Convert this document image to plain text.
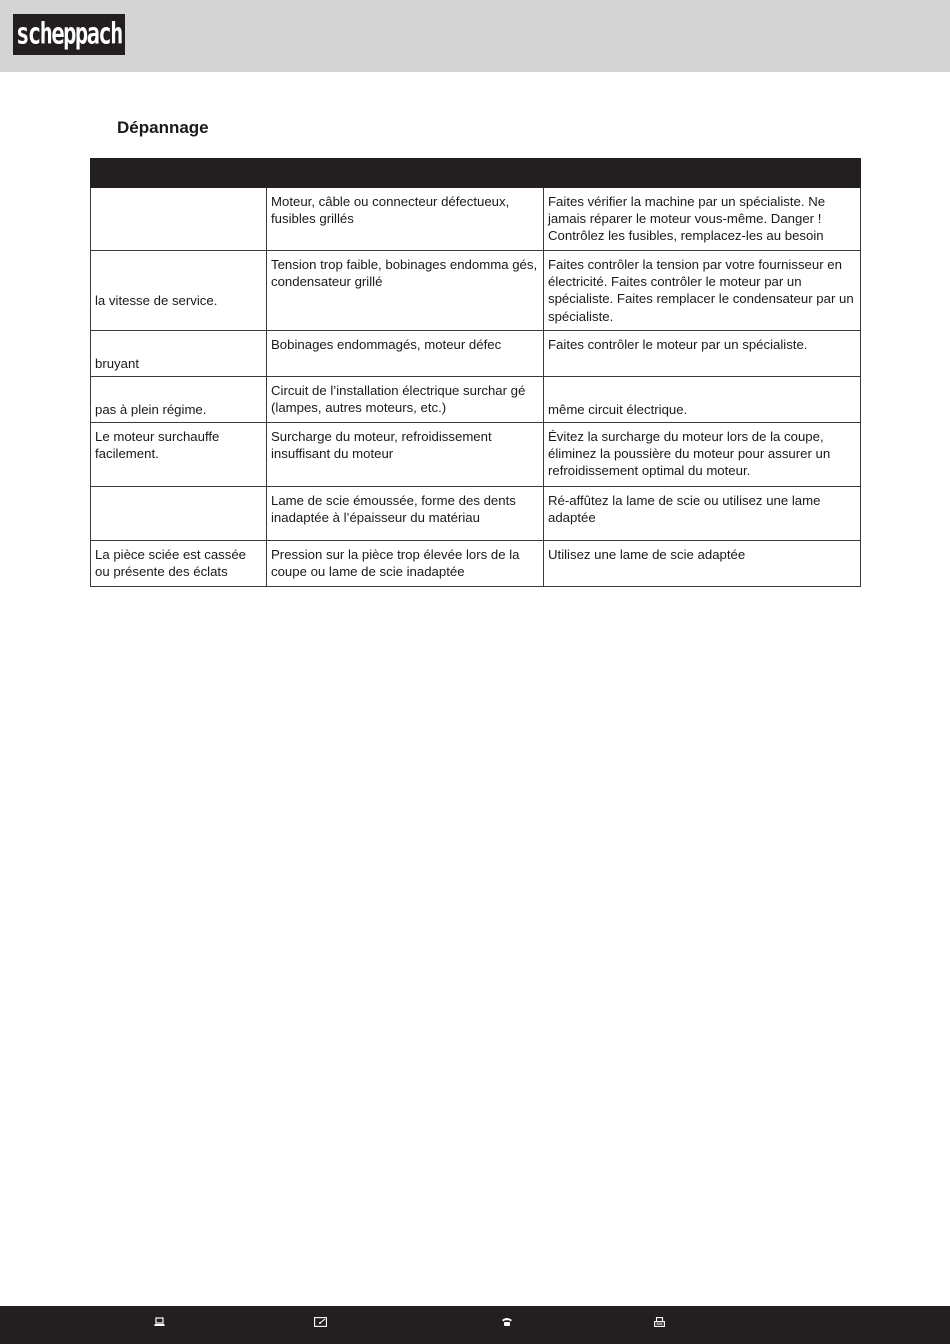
scheppach
Dépannage

	Moteur, câble ou connecteur défectueux, fusibles grillés	Faites vérifier la machine par un spécialiste. Ne jamais réparer le moteur vous-même. Danger ! Contrôlez les fusibles, remplacez-les au besoin
la vitesse de service.	Tension trop faible, bobinages endomma gés, condensateur grillé	Faites contrôler la tension par votre fournisseur en électricité. Faites contrôler le moteur par un spécialiste. Faites remplacer le condensateur par un spécialiste.
bruyant	Bobinages endommagés, moteur défec	Faites contrôler le moteur par un spécialiste.
pas à plein régime.	Circuit de l’installation électrique surchar gé (lampes, autres moteurs, etc.)	même circuit électrique.
Le moteur surchauffe facilement.	Surcharge du moteur, refroidissement insuffisant du moteur	Évitez la surcharge du moteur lors de la coupe, éliminez la poussière du moteur pour assurer un refroidissement optimal du moteur.
	Lame de scie émoussée, forme des dents inadaptée à l’épaisseur du matériau	Ré-affûtez la lame de scie ou utilisez une lame adaptée
La pièce sciée est cassée ou présente des éclats	Pression sur la pièce trop élevée lors de la coupe ou lame de scie inadaptée	Utilisez une lame de scie adaptée
